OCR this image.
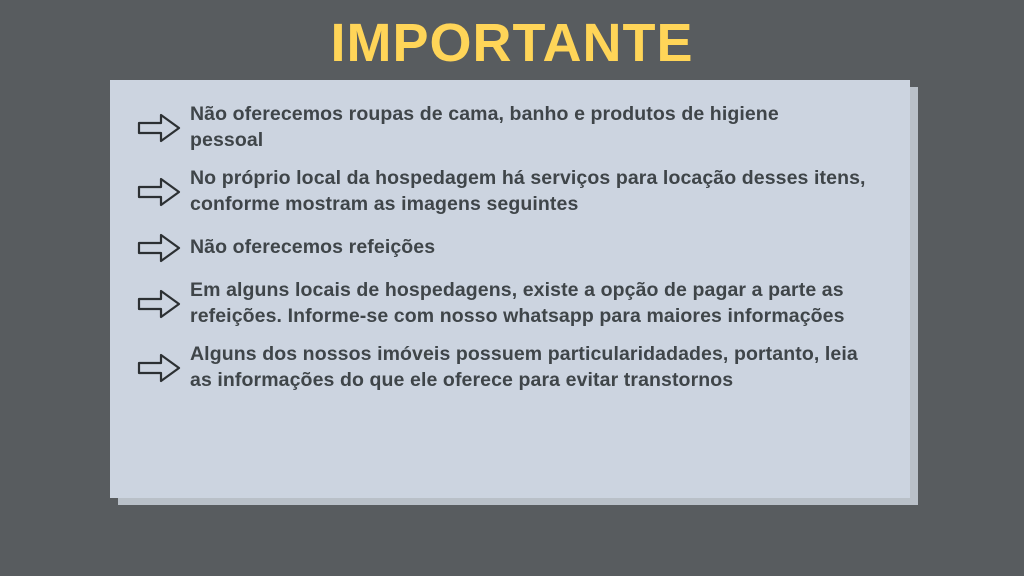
IMPORTANTE
Não oferecemos roupas de cama, banho e produtos de higiene pessoal
No próprio local da hospedagem há serviços para locação desses itens, conforme mostram as imagens seguintes
Não oferecemos refeições
Em alguns locais de hospedagens, existe a opção de pagar a parte as refeições. Informe-se com nosso whatsapp para maiores informações
Alguns dos nossos imóveis possuem particularidadades, portanto, leia as informações do que ele oferece para evitar transtornos
